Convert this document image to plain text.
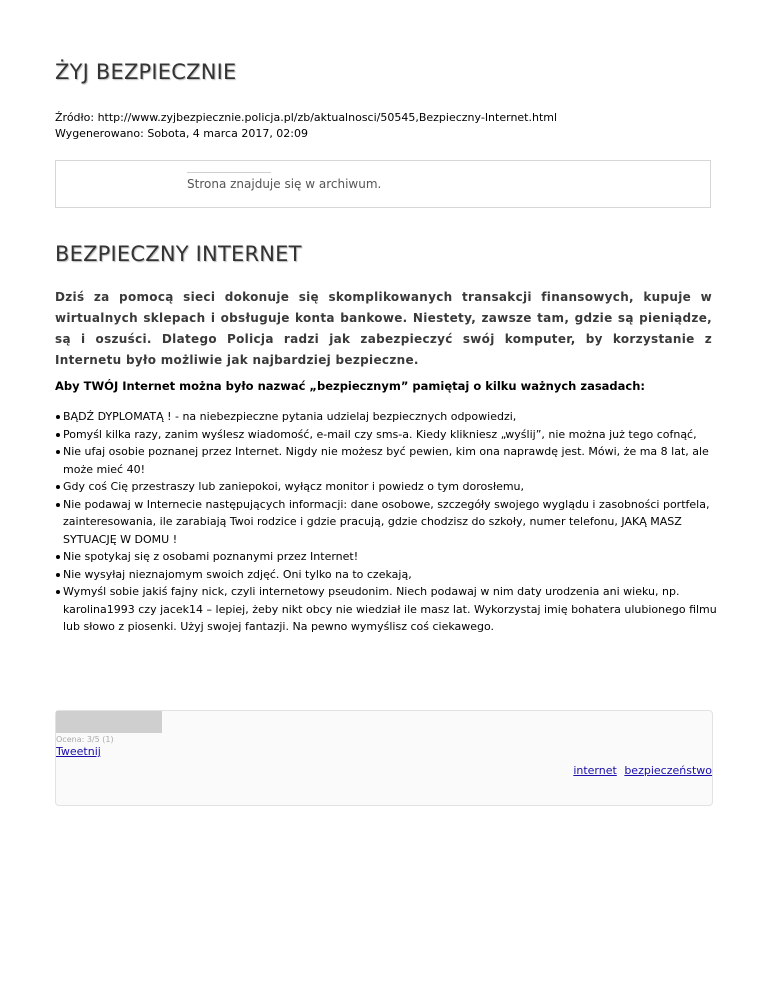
ŻYJ BEZPIECZNIE
Źródło: http://www.zyjbezpiecznie.policja.pl/zb/aktualnosci/50545,Bezpieczny-Internet.html
Wygenerowano: Sobota, 4 marca 2017, 02:09
Strona znajduje się w archiwum.
BEZPIECZNY INTERNET

Dziś za pomocą sieci dokonuje się skomplikowanych transakcji finansowych, kupuje w wirtualnych sklepach i obsługuje konta bankowe. Niestety, zawsze tam, gdzie są pieniądze, są i oszuści. Dlatego Policja radzi jak zabezpieczyć swój komputer, by korzystanie z Internetu było możliwie jak najbardziej bezpieczne.

Aby TWÓJ Internet można było nazwać „bezpiecznym” pamiętaj o kilku ważnych zasadach:

BĄDŹ DYPLOMATĄ ! - na niebezpieczne pytania udzielaj bezpiecznych odpowiedzi,
Pomyśl kilka razy, zanim wyślesz wiadomość, e-mail czy sms-a. Kiedy klikniesz „wyślij”, nie można już tego cofnąć,
Nie ufaj osobie poznanej przez Internet. Nigdy nie możesz być pewien, kim ona naprawdę jest. Mówi, że ma 8 lat, ale może mieć 40!
Gdy coś Cię przestraszy lub zaniepokoi, wyłącz monitor i powiedz o tym dorosłemu,
Nie podawaj w Internecie następujących informacji: dane osobowe, szczegóły swojego wyglądu i zasobności portfela, zainteresowania, ile zarabiają Twoi rodzice i gdzie pracują, gdzie chodzisz do szkoły, numer telefonu, JAKĄ MASZ SYTUACJĘ W DOMU !
Nie spotykaj się z osobami poznanymi przez Internet!
Nie wysyłaj nieznajomym swoich zdjęć. Oni tylko na to czekają,
Wymyśl sobie jakiś fajny nick, czyli internetowy pseudonim. Niech podawaj w nim daty urodzenia ani wieku, np. karolina1993 czy jacek14 – lepiej, żeby nikt obcy nie wiedział ile masz lat. Wykorzystaj imię bohatera ulubionego filmu lub słowo z piosenki. Użyj swojej fantazji. Na pewno wymyślisz coś ciekawego.
Ocena: 3/5 (1)
Tweetnij
internet bezpieczeństwo
